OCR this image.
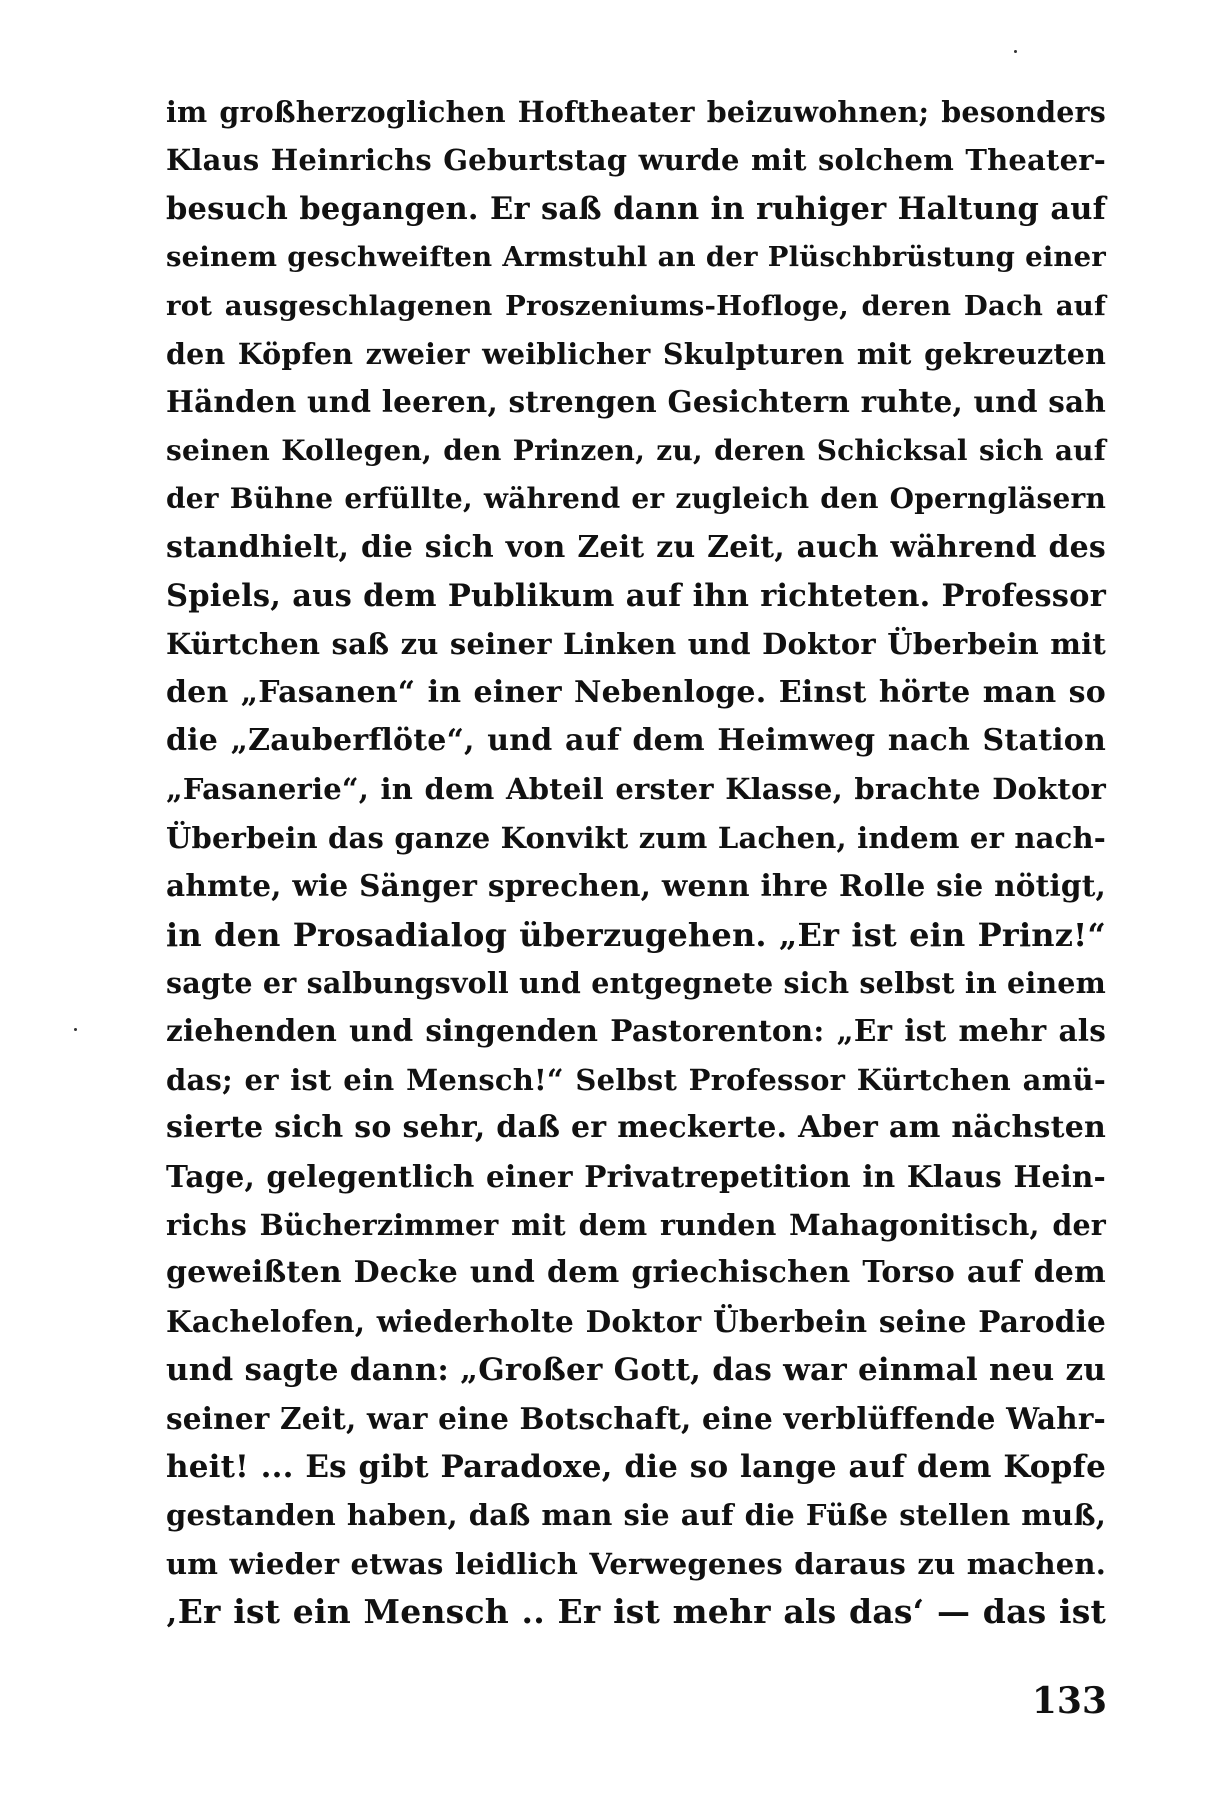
im großherzoglichen Hoftheater beizuwohnen; besonders
Klaus Heinrichs Geburtstag wurde mit solchem Theater-
besuch begangen. Er saß dann in ruhiger Haltung auf
seinem geschweiften Armstuhl an der Plüschbrüstung einer
rot ausgeschlagenen Proszeniums-Hofloge, deren Dach auf
den Köpfen zweier weiblicher Skulpturen mit gekreuzten
Händen und leeren, strengen Gesichtern ruhte, und sah
seinen Kollegen, den Prinzen, zu, deren Schicksal sich auf
der Bühne erfüllte, während er zugleich den Operngläsern
standhielt, die sich von Zeit zu Zeit, auch während des
Spiels, aus dem Publikum auf ihn richteten. Professor
Kürtchen saß zu seiner Linken und Doktor Überbein mit
den „Fasanen“ in einer Nebenloge. Einst hörte man so
die „Zauberflöte“, und auf dem Heimweg nach Station
„Fasanerie“, in dem Abteil erster Klasse, brachte Doktor
Überbein das ganze Konvikt zum Lachen, indem er nach-
ahmte, wie Sänger sprechen, wenn ihre Rolle sie nötigt,
in den Prosadialog überzugehen. „Er ist ein Prinz!“
sagte er salbungsvoll und entgegnete sich selbst in einem
ziehenden und singenden Pastorenton: „Er ist mehr als
das; er ist ein Mensch!“ Selbst Professor Kürtchen amü-
sierte sich so sehr, daß er meckerte. Aber am nächsten
Tage, gelegentlich einer Privatrepetition in Klaus Hein-
richs Bücherzimmer mit dem runden Mahagonitisch, der
geweißten Decke und dem griechischen Torso auf dem
Kachelofen, wiederholte Doktor Überbein seine Parodie
und sagte dann: „Großer Gott, das war einmal neu zu
seiner Zeit, war eine Botschaft, eine verblüffende Wahr-
heit! ... Es gibt Paradoxe, die so lange auf dem Kopfe
gestanden haben, daß man sie auf die Füße stellen muß,
um wieder etwas leidlich Verwegenes daraus zu machen.
‚Er ist ein Mensch .. Er ist mehr als das‘ — das ist
133
